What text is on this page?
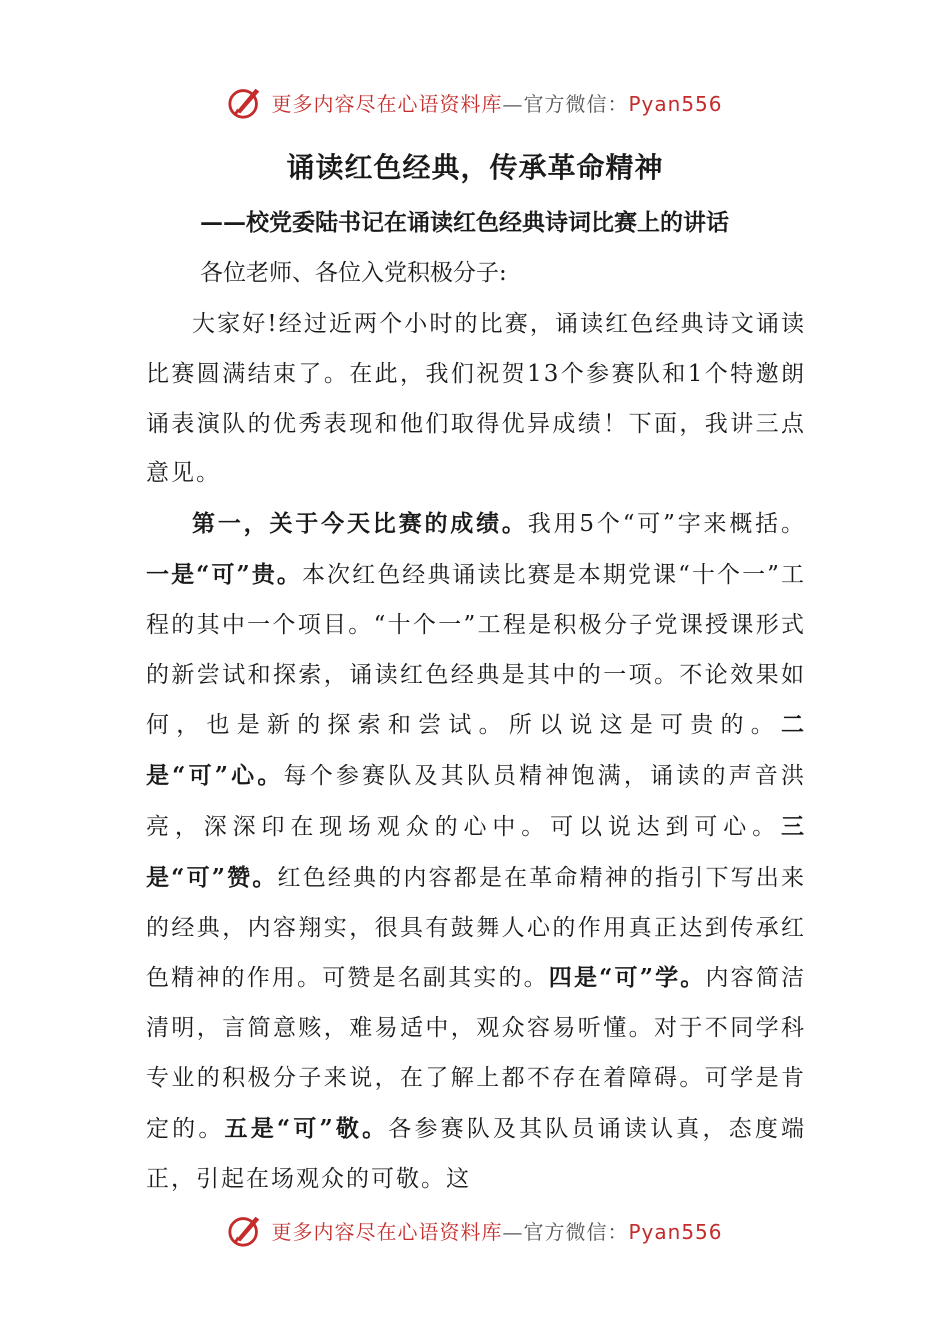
更多内容尽在心语资料库—官方微信：Pyan556
诵读红色经典，传承革命精神
——校党委陆书记在诵读红色经典诗词比赛上的讲话
各位老师、各位入党积极分子:

大家好!经过近两个小时的比赛，诵读红色经典诗文诵读比赛圆满结束了。在此，我们祝贺13个参赛队和1个特邀朗诵表演队的优秀表现和他们取得优异成绩！下面，我讲三点意见。

第一，关于今天比赛的成绩。我用5个“可”字来概括。一是“可”贵。本次红色经典诵读比赛是本期党课“十个一”工程的其中一个项目。“十个一”工程是积极分子党课授课形式的新尝试和探索，诵读红色经典是其中的一项。不论效果如何，也是新的探索和尝试。所以说这是可贵的。二是“可”心。每个参赛队及其队员精神饱满，诵读的声音洪亮，深深印在现场观众的心中。可以说达到可心。三是“可”赞。红色经典的内容都是在革命精神的指引下写出来的经典，内容翔实，很具有鼓舞人心的作用真正达到传承红色精神的作用。可赞是名副其实的。四是“可”学。内容简洁清明，言简意赅，难易适中，观众容易听懂。对于不同学科专业的积极分子来说，在了解上都不存在着障碍。可学是肯定的。五是“可”敬。各参赛队及其队员诵读认真，态度端正，引起在场观众的可敬。这

更多内容尽在心语资料库—官方微信：Pyan556
